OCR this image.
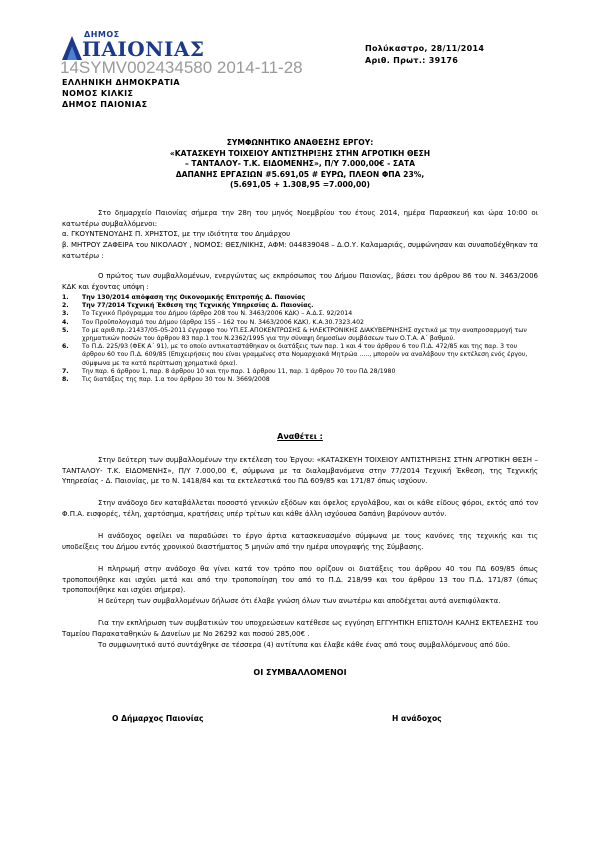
ΔΗΜΟΣ
ΠΑΙΟΝΙΑΣ
14SYMV002434580 2014-11-28
ΕΛΛΗΝΙΚΗ ΔΗΜΟΚΡΑΤΙΑ
ΝΟΜΟΣ ΚΙΛΚΙΣ
ΔΗΜΟΣ ΠΑΙΟΝΙΑΣ
Πολύκαστρο, 28/11/2014
Αριθ. Πρωτ.: 39176
ΣΥΜΦΩΝΗΤΙΚΟ ΑΝΑΘΕΣΗΣ ΕΡΓΟΥ:
«ΚΑΤΑΣΚΕΥΗ ΤΟΙΧΕΙΟΥ ΑΝΤΙΣΤΗΡΙΞΗΣ ΣΤΗΝ ΑΓΡΟΤΙΚΗ ΘΕΣΗ
– ΤΑΝΤΑΛΟΥ- Τ.Κ. ΕΙΔΟΜΕΝΗΣ», Π/Υ 7.000,00€ - ΣΑΤΑ
ΔΑΠΑΝΗΣ ΕΡΓΑΣΙΩΝ #5.691,05 # ΕΥΡΩ, ΠΛΕΟΝ ΦΠΑ 23%,
(5.691,05 + 1.308,95 =7.000,00)
Στο δημαρχείο Παιονίας σήμερα την 28η του μηνός Νοεμβρίου του έτους 2014, ημέρα Παρασκευή και ώρα 10:00 οι κατωτέρω συμβαλλόμενοι:
α. ΓΚΟΥΝΤΕΝΟΥΔΗΣ Π. ΧΡΗΣΤΟΣ, με την ιδιότητα του Δημάρχου
β. ΜΗΤΡΟΥ ΖΑΦΕΙΡΑ του ΝΙΚΟΛΑΟΥ , ΝΟΜΟΣ: ΘΕΣ/ΝΙΚΗΣ, ΑΦΜ: 044839048 – Δ.Ο.Υ. Καλαμαριάς, συμφώνησαν και συναποδέχθηκαν τα κατωτέρω :
Ο πρώτος των συμβαλλομένων, ενεργώντας ως εκπρόσωπος του Δήμου Παιονίας, βάσει του άρθρου 86 του Ν. 3463/2006 ΚΔΚ και έχοντας υπόψη :
1. Την 130/2014 απόφαση της Οικονομικής Επιτροπής Δ. Παιονίας
2. Την 77/2014 Τεχνική Έκθεση της Τεχνικής Υπηρεσίας Δ. Παιονίας.
3. Το Τεχνικό Πρόγραμμα του Δήμου (άρθρο 208 του Ν. 3463/2006 ΚΔΚ) – Α.Δ.Σ. 92/2014
4. Τον Προϋπολογισμό του Δήμου (άρθρα 155 – 162 του Ν. 3463/2006 ΚΔΚ). Κ.Α.30.7323.402
5. Το με αριθ.πρ.:21437/05-05-2011 έγγραφο του ΥΠ.ΕΣ.ΑΠΟΚΕΝΤΡΩΣΗΣ & ΗΛΕΚΤΡΟΝΙΚΗΣ ΔΙΑΚΥΒΕΡΝΗΣΗΣ σχετικά με την αναπροσαρμογή των χρηματικών ποσών του άρθρου 83 παρ.1 του Ν.2362/1995 για την σύναψη δημοσίων συμβάσεων των Ο.Τ.Α. Α΄ βαθμού.
6. Το Π.Δ. 225/93 (ΦΕΚ Α΄ 91), με το οποίο αντικαταστάθηκαν οι διατάξεις των παρ. 1 και 4 του άρθρου 6 του Π.Δ. 472/85 και της παρ. 3 του άρθρου 60 του Π.Δ. 609/85 (Επιχειρήσεις που είναι γραμμένες στα Νομαρχιακά Μητρώα ....., μπορούν να αναλάβουν την εκτέλεση ενός έργου, σύμφωνα με τα κατά περίπτωση χρηματικά όρια).
7. Την παρ. 6 άρθρου 1, παρ. 8 άρθρου 10 και την παρ. 1 άρθρου 11, παρ. 1 άρθρου 70 του ΠΔ 28/1980
8. Τις διατάξεις της παρ. 1.α του άρθρου 30 του Ν. 3669/2008
Αναθέτει :
Στην δεύτερη των συμβαλλομένων την εκτέλεση του Έργου: «ΚΑΤΑΣΚΕΥΗ ΤΟΙΧΕΙΟΥ ΑΝΤΙΣΤΗΡΙΞΗΣ ΣΤΗΝ ΑΓΡΟΤΙΚΗ ΘΕΣΗ – ΤΑΝΤΑΛΟΥ- Τ.Κ. ΕΙΔΟΜΕΝΗΣ», Π/Υ 7.000,00 €, σύμφωνα με τα διαλαμβανόμενα στην 77/2014 Τεχνική Έκθεση, της Τεχνικής Υπηρεσίας - Δ. Παιονίας, με το Ν. 1418/84 και τα εκτελεστικά του ΠΔ 609/85 και 171/87 όπως ισχύουν.
Στην ανάδοχο δεν καταβάλλεται ποσοστό γενικών εξόδων και όφελος εργολάβου, και οι κάθε είδους φόροι, εκτός από τον Φ.Π.Α. εισφορές, τέλη, χαρτόσημα, κρατήσεις υπέρ τρίτων και κάθε άλλη ισχύουσα δαπάνη βαρύνουν αυτόν.
Η ανάδοχος οφείλει να παραδώσει το έργο άρτια κατασκευασμένο σύμφωνα με τους κανόνες της τεχνικής και τις υποδείξεις του Δήμου εντός χρονικού διαστήματος 5 μηνών από την ημέρα υπογραφής της Σύμβασης.
Η πληρωμή στην ανάδοχο θα γίνει κατά τον τρόπο που ορίζουν οι διατάξεις του άρθρου 40 του ΠΔ 609/85 όπως τροποποιήθηκε και ισχύει μετά και από την τροποποίηση του από το Π.Δ. 218/99 και του άρθρου 13 του Π.Δ. 171/87 (όπως τροποποιήθηκε και ισχύει σήμερα).
Η δεύτερη των συμβαλλομένων δήλωσε ότι έλαβε γνώση όλων των ανωτέρω και αποδέχεται αυτά ανεπιφύλακτα.
Για την εκπλήρωση των συμβατικών του υποχρεώσεων κατέθεσε ως εγγύηση ΕΓΓΥΗΤΙΚΗ ΕΠΙΣΤΟΛΗ ΚΑΛΗΣ ΕΚΤΕΛΕΣΗΣ του Ταμείου Παρακαταθηκών & Δανείων με Νο 26292 και ποσού 285,00€ .
Το συμφωνητικό αυτό συντάχθηκε σε τέσσερα (4) αντίτυπα και έλαβε κάθε ένας από τους συμβαλλόμενους από δύο.
ΟΙ ΣΥΜΒΑΛΛΟΜΕΝΟΙ
Ο Δήμαρχος Παιονίας	Η ανάδοχος
